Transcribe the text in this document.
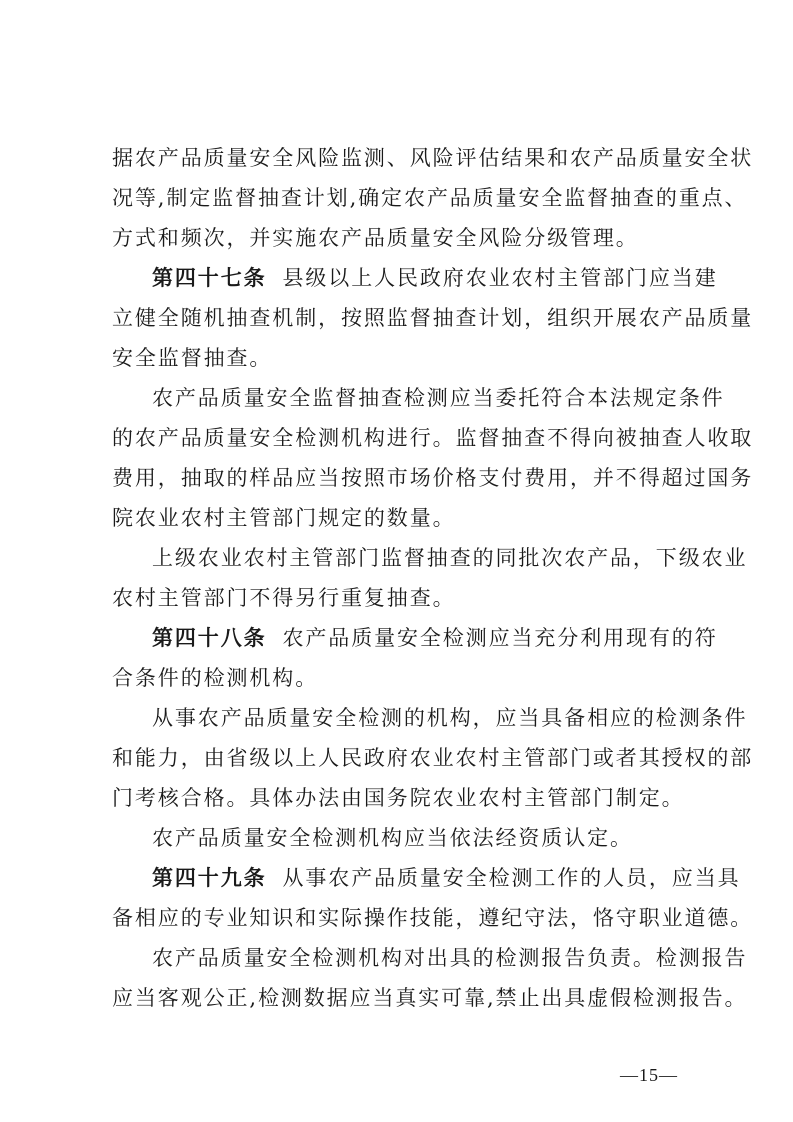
据农产品质量安全风险监测、风险评估结果和农产品质量安全状
况等,制定监督抽查计划,确定农产品质量安全监督抽查的重点、
方式和频次，并实施农产品质量安全风险分级管理。
第四十七条 县级以上人民政府农业农村主管部门应当建
立健全随机抽查机制，按照监督抽查计划，组织开展农产品质量
安全监督抽查。
农产品质量安全监督抽查检测应当委托符合本法规定条件
的农产品质量安全检测机构进行。监督抽查不得向被抽查人收取
费用，抽取的样品应当按照市场价格支付费用，并不得超过国务
院农业农村主管部门规定的数量。
上级农业农村主管部门监督抽查的同批次农产品，下级农业
农村主管部门不得另行重复抽查。
第四十八条 农产品质量安全检测应当充分利用现有的符
合条件的检测机构。
从事农产品质量安全检测的机构，应当具备相应的检测条件
和能力，由省级以上人民政府农业农村主管部门或者其授权的部
门考核合格。具体办法由国务院农业农村主管部门制定。
农产品质量安全检测机构应当依法经资质认定。
第四十九条 从事农产品质量安全检测工作的人员，应当具
备相应的专业知识和实际操作技能，遵纪守法，恪守职业道德。
农产品质量安全检测机构对出具的检测报告负责。检测报告
应当客观公正,检测数据应当真实可靠,禁止出具虚假检测报告。
—15—
